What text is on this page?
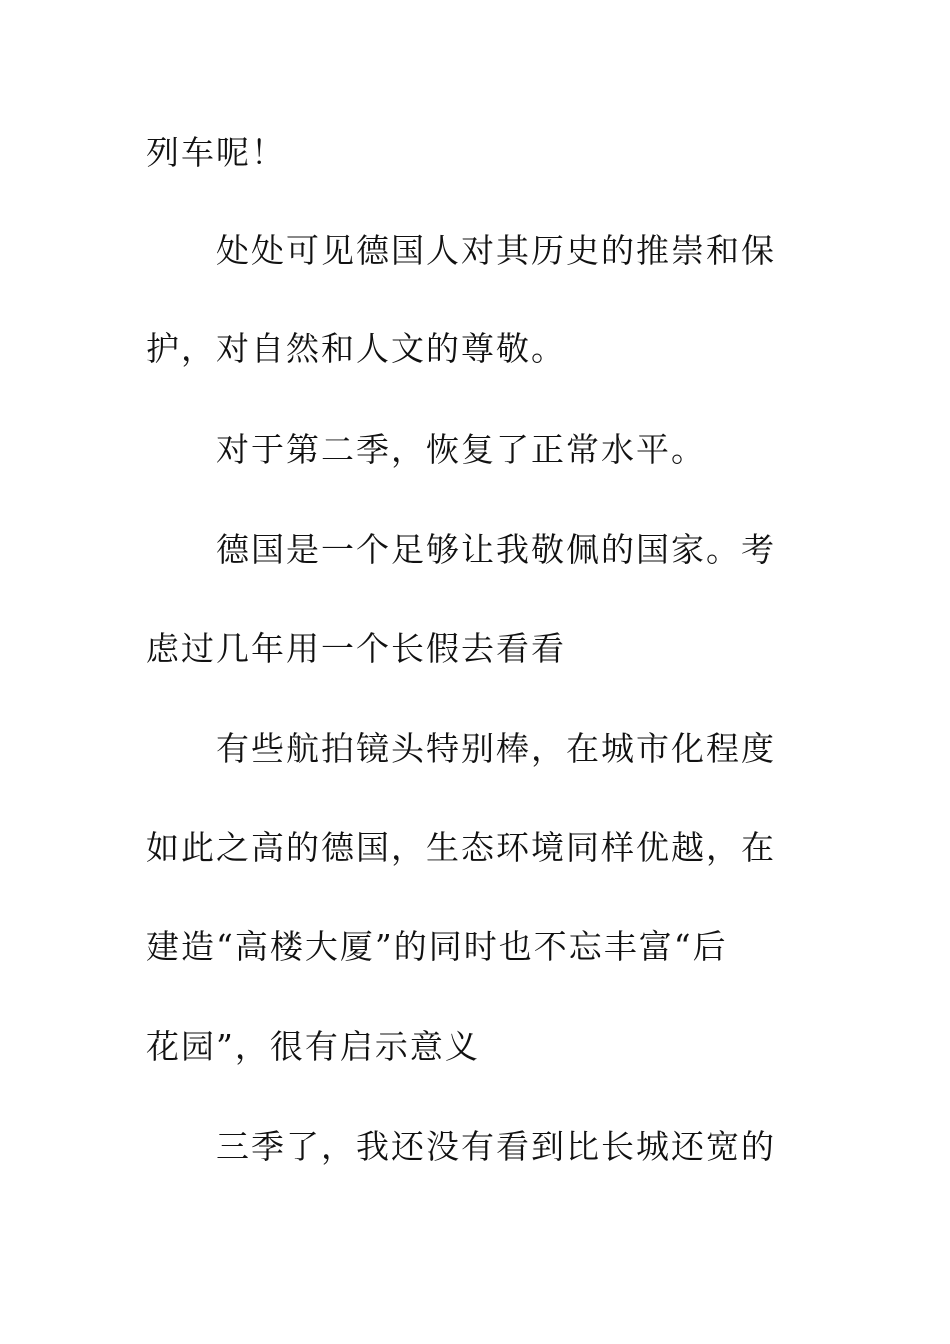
列车呢！
处处可见德国人对其历史的推崇和保
护，对自然和人文的尊敬。
对于第二季，恢复了正常水平。
德国是一个足够让我敬佩的国家。考
虑过几年用一个长假去看看
有些航拍镜头特别棒，在城市化程度
如此之高的德国，生态环境同样优越，在
建造“高楼大厦”的同时也不忘丰富“后
花园”，很有启示意义
三季了，我还没有看到比长城还宽的
